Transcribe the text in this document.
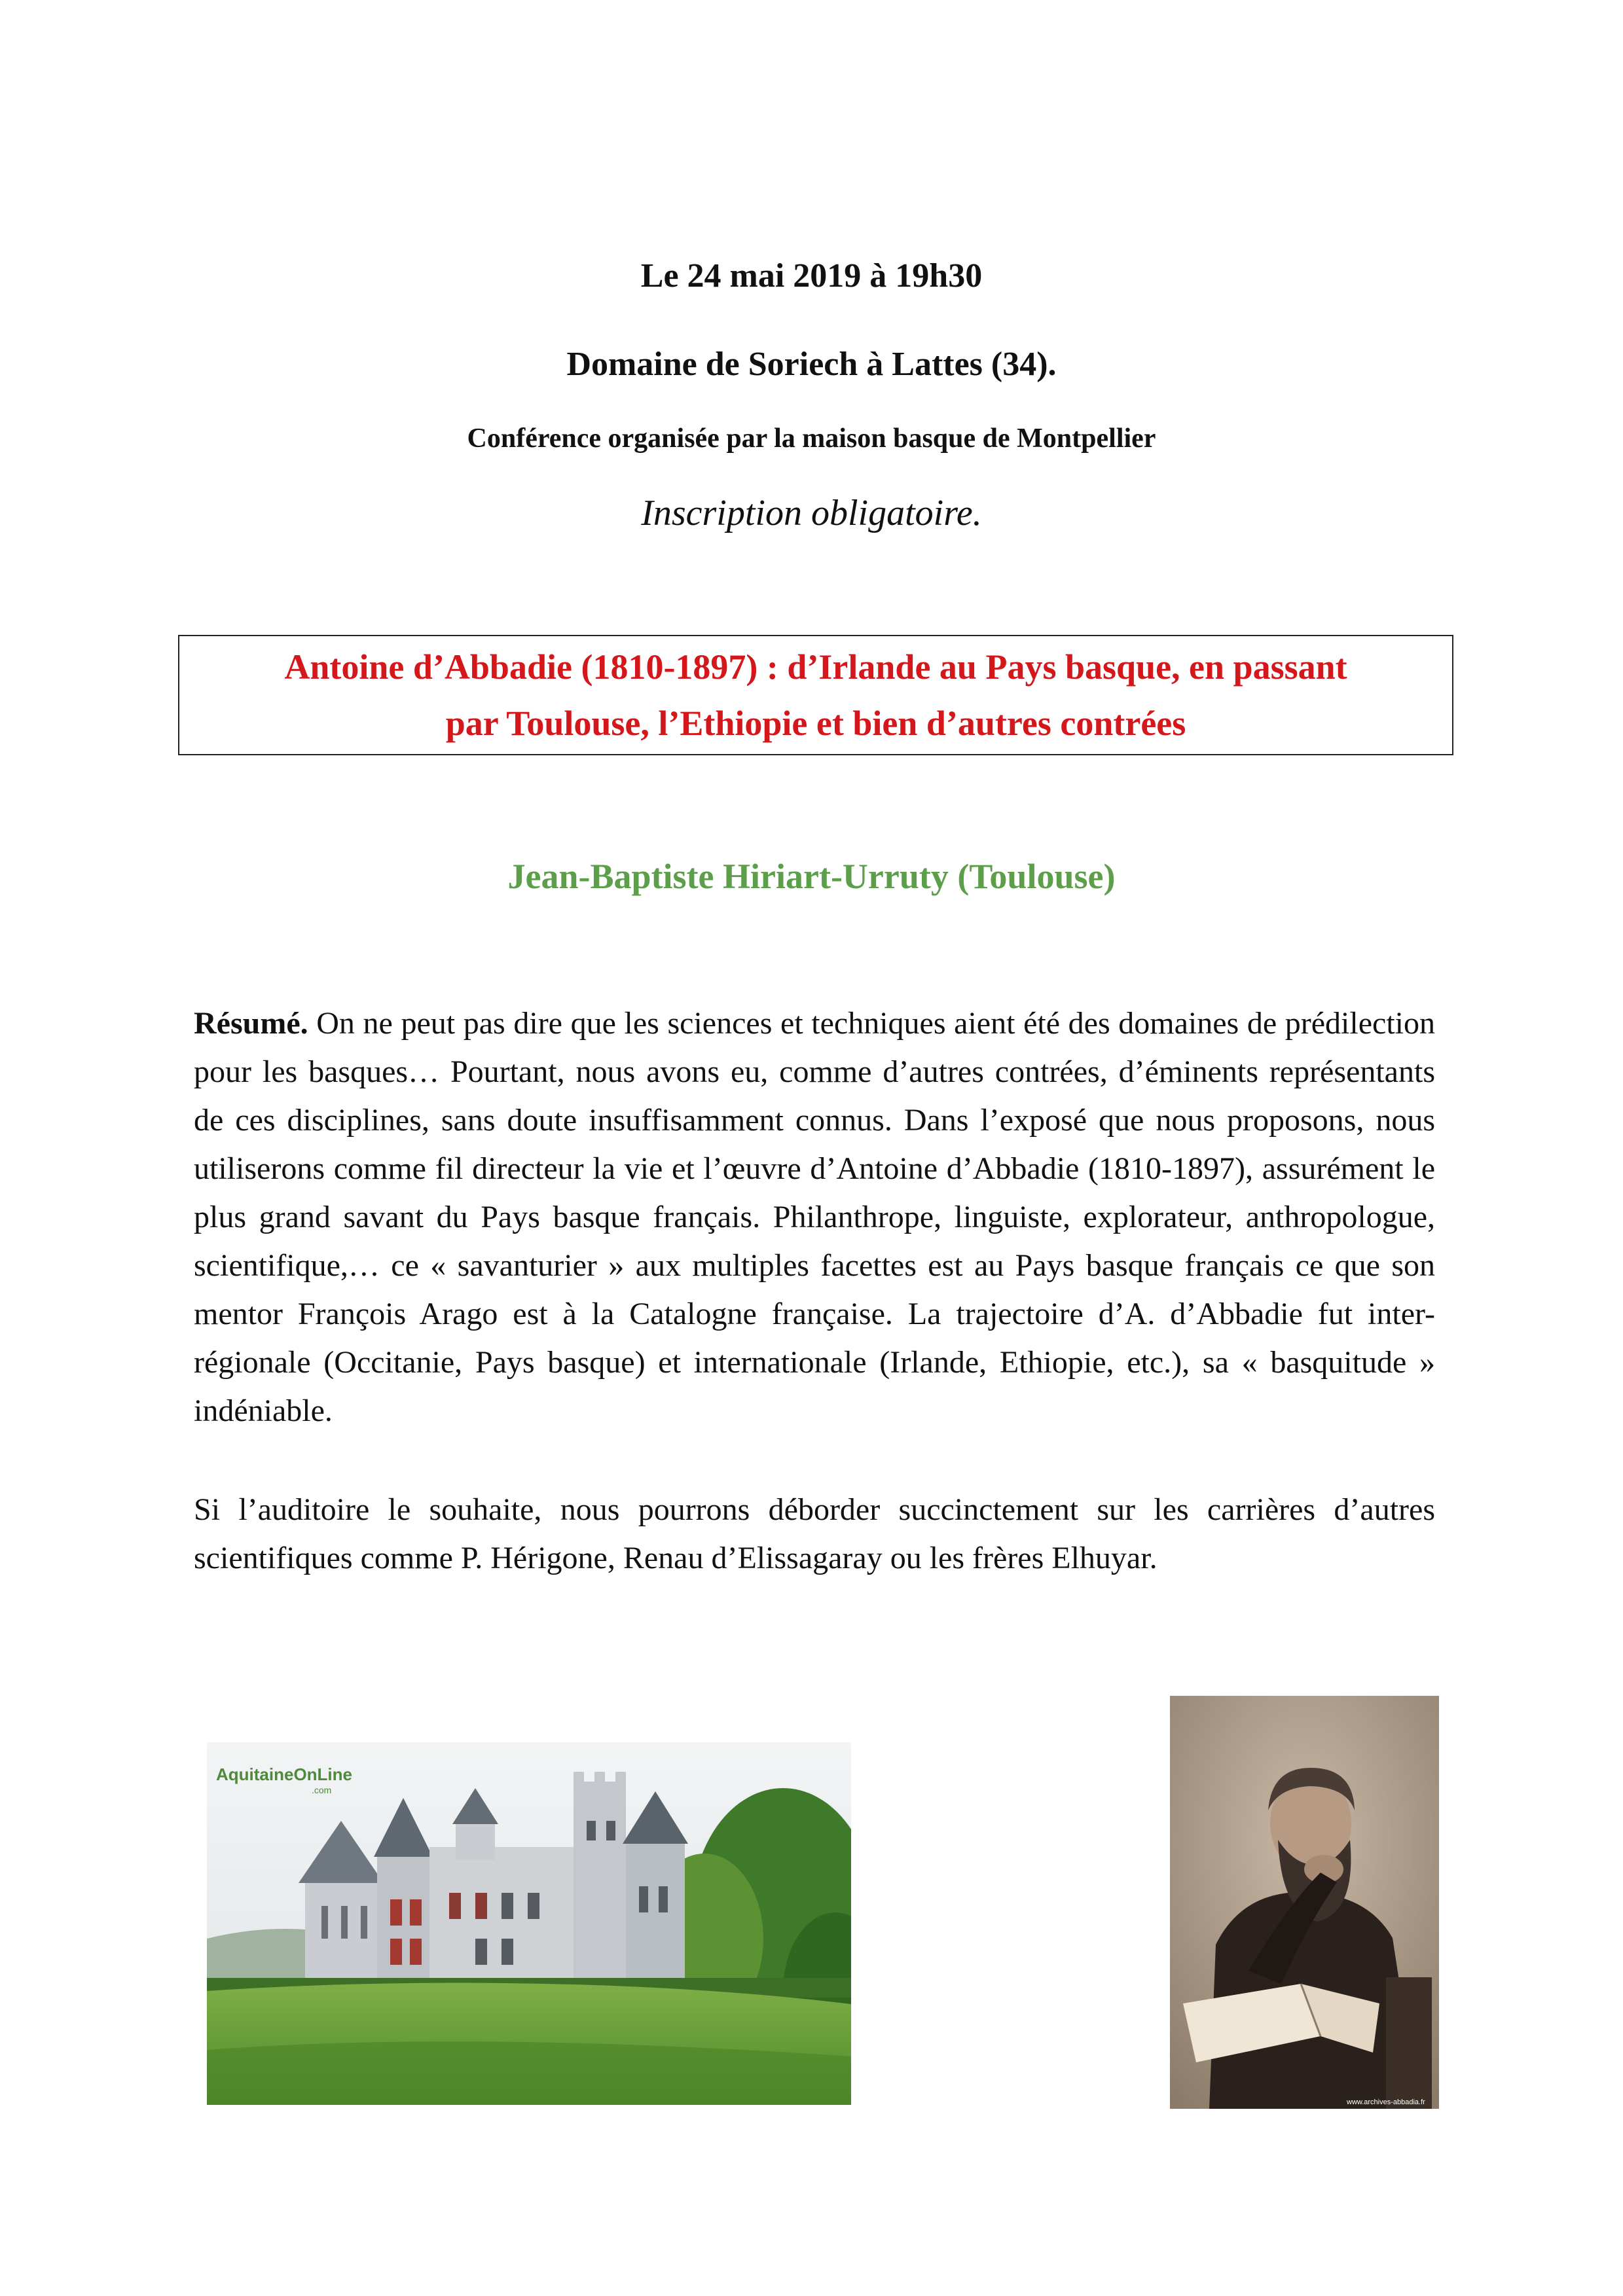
Le 24 mai 2019 à 19h30
Domaine de Soriech à Lattes (34).
Conférence organisée par la maison basque de Montpellier
Inscription obligatoire.
Antoine d’Abbadie (1810-1897) : d’Irlande au Pays basque, en passant
par Toulouse, l’Ethiopie et bien d’autres contrées
Jean-Baptiste Hiriart-Urruty (Toulouse)

Résumé. On ne peut pas dire que les sciences et techniques aient été des domaines de prédilection pour les basques… Pourtant, nous avons eu, comme d’autres contrées, d’éminents représentants de ces disciplines, sans doute insuffisamment connus. Dans l’exposé que nous proposons, nous utiliserons comme fil directeur la vie et l’œuvre d’Antoine d’Abbadie (1810-1897), assurément le plus grand savant du Pays basque français. Philanthrope, linguiste, explorateur, anthropologue, scientifique,… ce « savanturier » aux multiples facettes est au Pays basque français ce que son mentor François Arago est à la Catalogne française. La trajectoire d’A. d’Abbadie fut inter-régionale (Occitanie, Pays basque) et internationale (Irlande, Ethiopie, etc.), sa « basquitude » indéniable.

Si l’auditoire le souhaite, nous pourrons déborder succinctement sur les carrières d’autres scientifiques comme P. Hérigone, Renau d’Elissagaray ou les frères Elhuyar.

AquitaineOnLine
.com
www.archives-abbadia.fr
